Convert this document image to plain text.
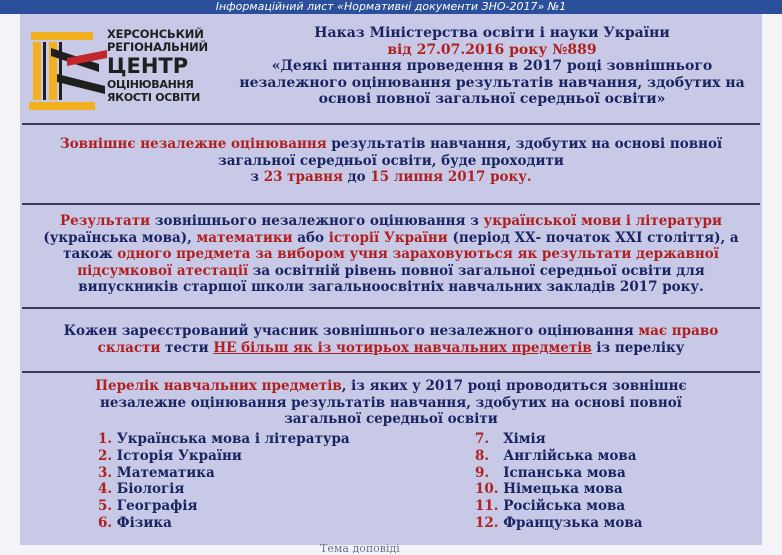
Інформаційний лист «Нормативні документи ЗНО-2017» №1
ХЕРСОНСЬКИЙ
РЕГІОНАЛЬНИЙ
ЦЕНТР
ОЦІНЮВАННЯ
ЯКОСТІ ОСВІТИ
Наказ Міністерства освіти і науки України
від 27.07.2016 року №889
«Деякі питання проведення в 2017 році зовнішнього
незалежного оцінювання результатів навчання, здобутих на
основі повної загальної середньої освіти»
Зовнішнє незалежне оцінювання результатів навчання, здобутих на основі повної загальної середньої освіти, буде проходити
з 23 травня до 15 липня 2017 року.
Результати зовнішнього незалежного оцінювання з української мови і літератури (українська мова), математики або історії України (період ХХ- початок ХХІ століття), а також одного предмета за вибором учня зараховуються як результати державної підсумкової атестації за освітній рівень повної загальної середньої освіти для випускників старшої школи загальноосвітніх навчальних закладів 2017 року.
Кожен зареєстрований учасник зовнішнього незалежного оцінювання має право скласти тести НЕ більш як із чотирьох навчальних предметів із переліку
Перелік навчальних предметів, із яких у 2017 році проводиться зовнішнє незалежне оцінювання результатів навчання, здобутих на основі повної загальної середньої освіти
1. Українська мова і література
2. Історія України
3. Математика
4. Біологія
5. Географія
6. Фізика
7. Хімія
8. Англійська мова
9. Іспанська мова
10. Німецька мова
11. Російська мова
12. Французька мова
Тема доповіді
